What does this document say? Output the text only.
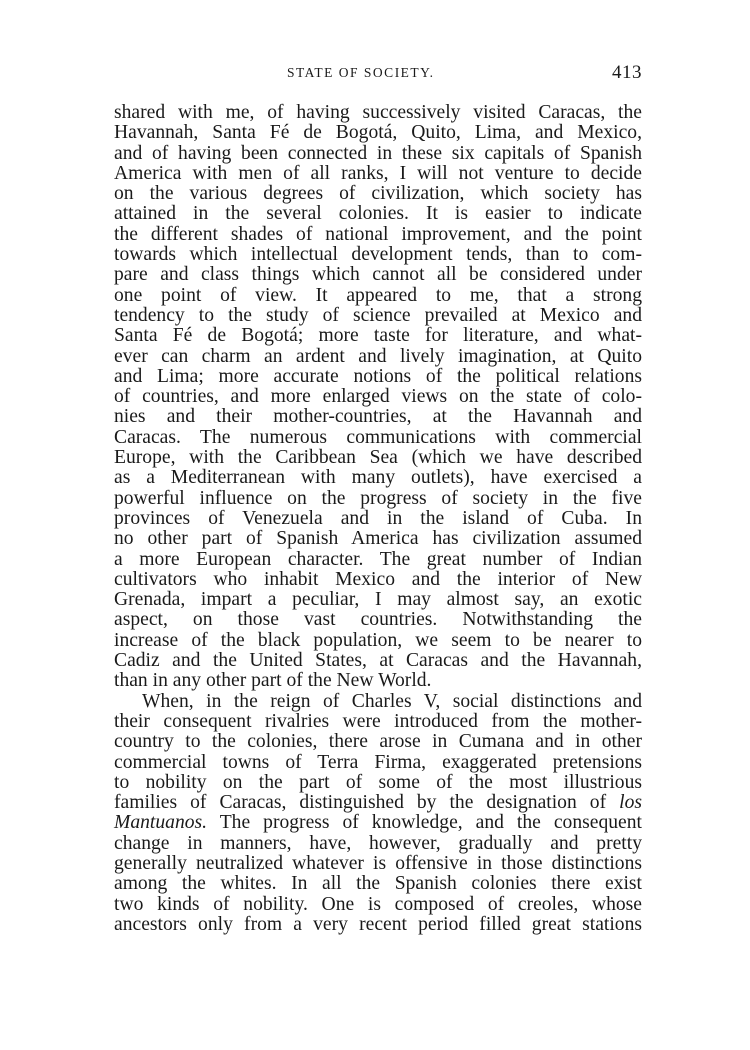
STATE OF SOCIETY.	413
shared with me, of having successively visited Caracas, the
Havannah, Santa Fé de Bogotá, Quito, Lima, and Mexico,
and of having been connected in these six capitals of Spanish
America with men of all ranks, I will not venture to decide
on the various degrees of civilization, which society has
attained in the several colonies. It is easier to indicate
the different shades of national improvement, and the point
towards which intellectual development tends, than to com-
pare and class things which cannot all be considered under
one point of view. It appeared to me, that a strong
tendency to the study of science prevailed at Mexico and
Santa Fé de Bogotá; more taste for literature, and what-
ever can charm an ardent and lively imagination, at Quito
and Lima; more accurate notions of the political relations
of countries, and more enlarged views on the state of colo-
nies and their mother-countries, at the Havannah and
Caracas. The numerous communications with commercial
Europe, with the Caribbean Sea (which we have described
as a Mediterranean with many outlets), have exercised a
powerful influence on the progress of society in the five
provinces of Venezuela and in the island of Cuba. In
no other part of Spanish America has civilization assumed
a more European character. The great number of Indian
cultivators who inhabit Mexico and the interior of New
Grenada, impart a peculiar, I may almost say, an exotic
aspect, on those vast countries. Notwithstanding the
increase of the black population, we seem to be nearer to
Cadiz and the United States, at Caracas and the Havannah,
than in any other part of the New World.
When, in the reign of Charles V, social distinctions and
their consequent rivalries were introduced from the mother-
country to the colonies, there arose in Cumana and in other
commercial towns of Terra Firma, exaggerated pretensions
to nobility on the part of some of the most illustrious
families of Caracas, distinguished by the designation of los
Mantuanos. The progress of knowledge, and the consequent
change in manners, have, however, gradually and pretty
generally neutralized whatever is offensive in those distinctions
among the whites. In all the Spanish colonies there exist
two kinds of nobility. One is composed of creoles, whose
ancestors only from a very recent period filled great stations
